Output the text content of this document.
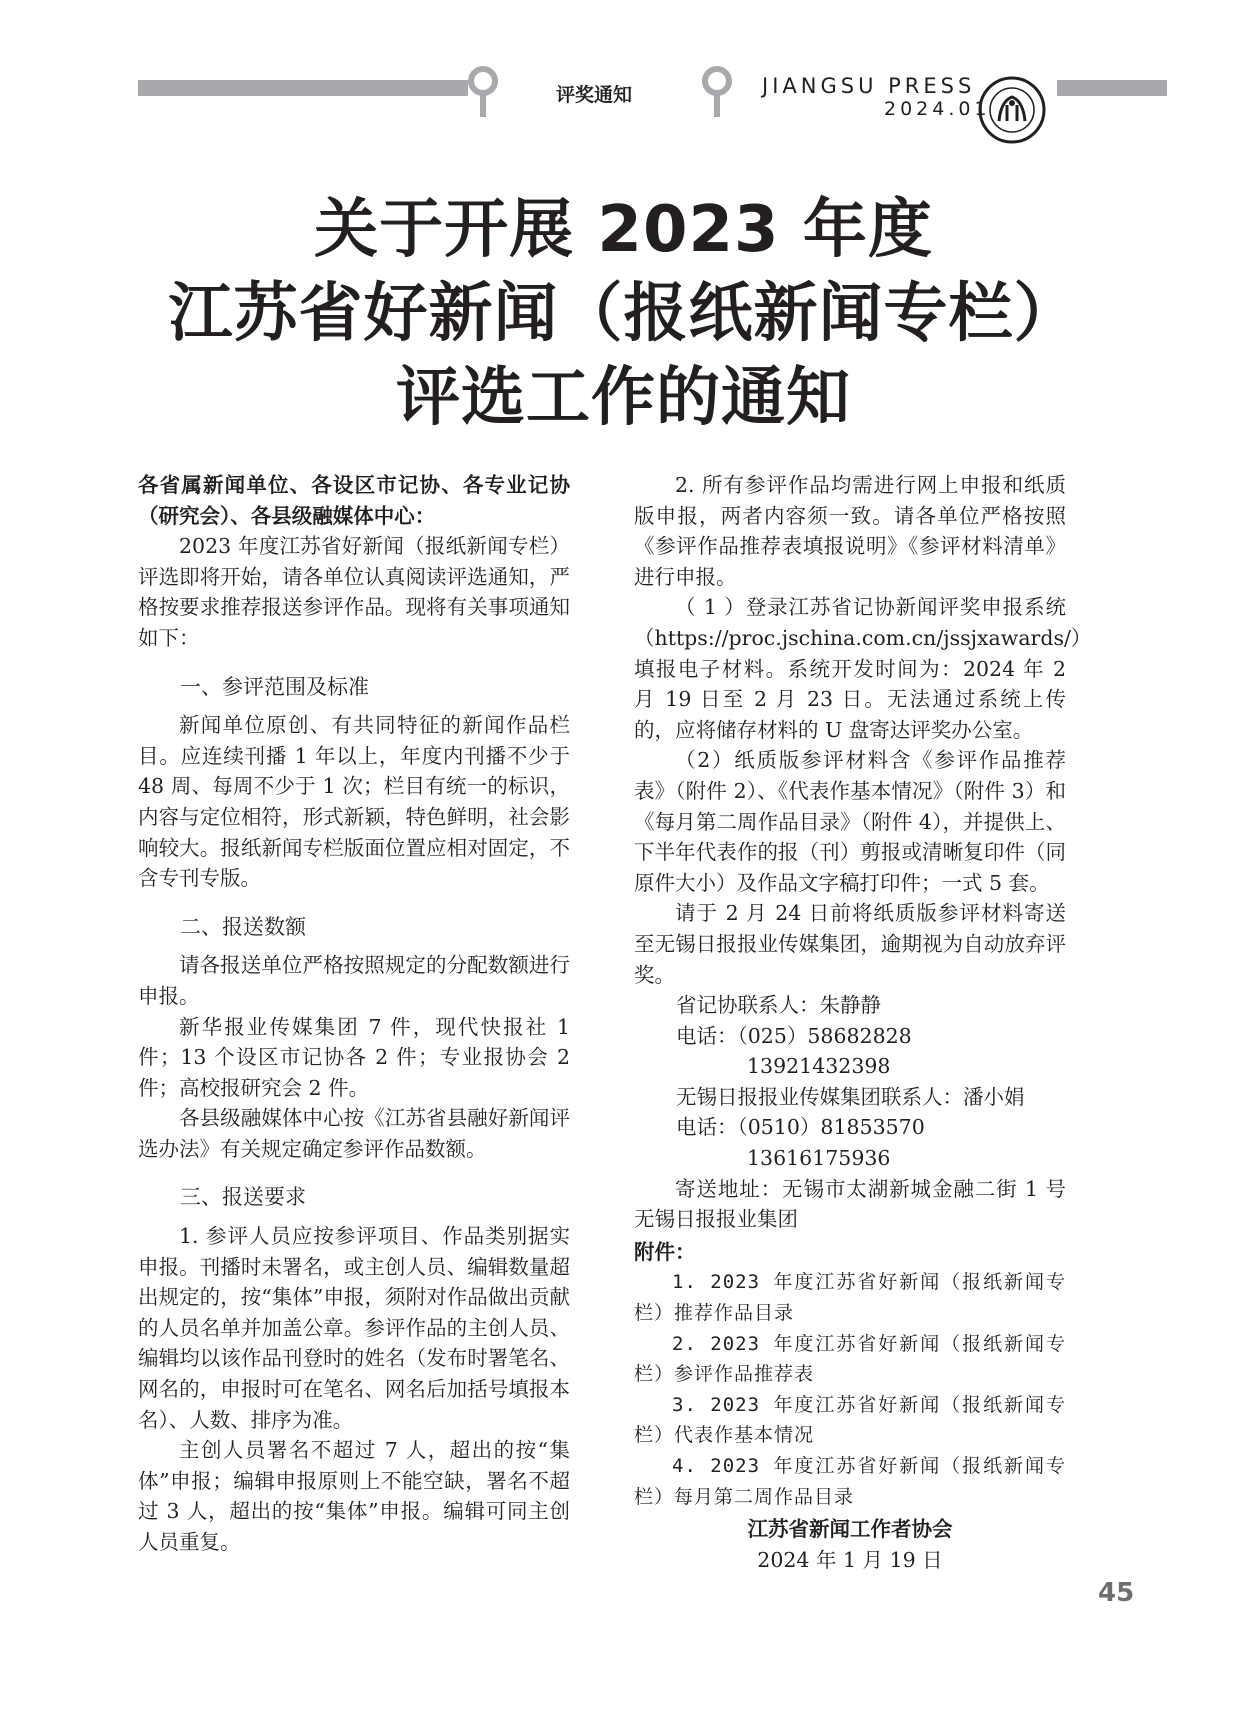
评奖通知	JIANGSU PRESS
2024.01
关于开展 2023 年度
江苏省好新闻（报纸新闻专栏）
评选工作的通知

各省属新闻单位、各设区市记协、各专业记协（研究会）、各县级融媒体中心：

2023 年度江苏省好新闻（报纸新闻专栏）评选即将开始，请各单位认真阅读评选通知，严格按要求推荐报送参评作品。现将有关事项通知如下：

一、参评范围及标准

新闻单位原创、有共同特征的新闻作品栏目。应连续刊播 1 年以上，年度内刊播不少于 48 周、每周不少于 1 次；栏目有统一的标识，内容与定位相符，形式新颖，特色鲜明，社会影响较大。报纸新闻专栏版面位置应相对固定，不含专刊专版。

二、报送数额

请各报送单位严格按照规定的分配数额进行申报。

新华报业传媒集团 7 件，现代快报社 1 件；13 个设区市记协各 2 件；专业报协会 2 件；高校报研究会 2 件。

各县级融媒体中心按《江苏省县融好新闻评选办法》有关规定确定参评作品数额。

三、报送要求

1. 参评人员应按参评项目、作品类别据实申报。刊播时未署名，或主创人员、编辑数量超出规定的，按“集体”申报，须附对作品做出贡献的人员名单并加盖公章。参评作品的主创人员、编辑均以该作品刊登时的姓名（发布时署笔名、网名的，申报时可在笔名、网名后加括号填报本名）、人数、排序为准。

主创人员署名不超过 7 人，超出的按“集体”申报；编辑申报原则上不能空缺，署名不超过 3 人，超出的按“集体”申报。编辑可同主创人员重复。

2. 所有参评作品均需进行网上申报和纸质版申报，两者内容须一致。请各单位严格按照《参评作品推荐表填报说明》《参评材料清单》进行申报。

（ 1 ）登录江苏省记协新闻评奖申报系统（https://proc.jschina.com.cn/jssjxawards/）填报电子材料。系统开发时间为：2024 年 2 月 19 日至 2 月 23 日。无法通过系统上传的，应将储存材料的 U 盘寄达评奖办公室。

（2）纸质版参评材料含《参评作品推荐表》（附件 2）、《代表作基本情况》（附件 3）和《每月第二周作品目录》（附件 4），并提供上、下半年代表作的报（刊）剪报或清晰复印件（同原件大小）及作品文字稿打印件；一式 5 套。

请于 2 月 24 日前将纸质版参评材料寄送至无锡日报报业传媒集团，逾期视为自动放弃评奖。

省记协联系人：朱静静

电话：（025）58682828

13921432398

无锡日报报业传媒集团联系人：潘小娟

电话：（0510）81853570

13616175936

寄送地址：无锡市太湖新城金融二街 1 号无锡日报报业集团

附件：

1. 2023 年度江苏省好新闻（报纸新闻专栏）推荐作品目录

2. 2023 年度江苏省好新闻（报纸新闻专栏）参评作品推荐表

3. 2023 年度江苏省好新闻（报纸新闻专栏）代表作基本情况

4. 2023 年度江苏省好新闻（报纸新闻专栏）每月第二周作品目录

江苏省新闻工作者协会

2024 年 1 月 19 日

45
